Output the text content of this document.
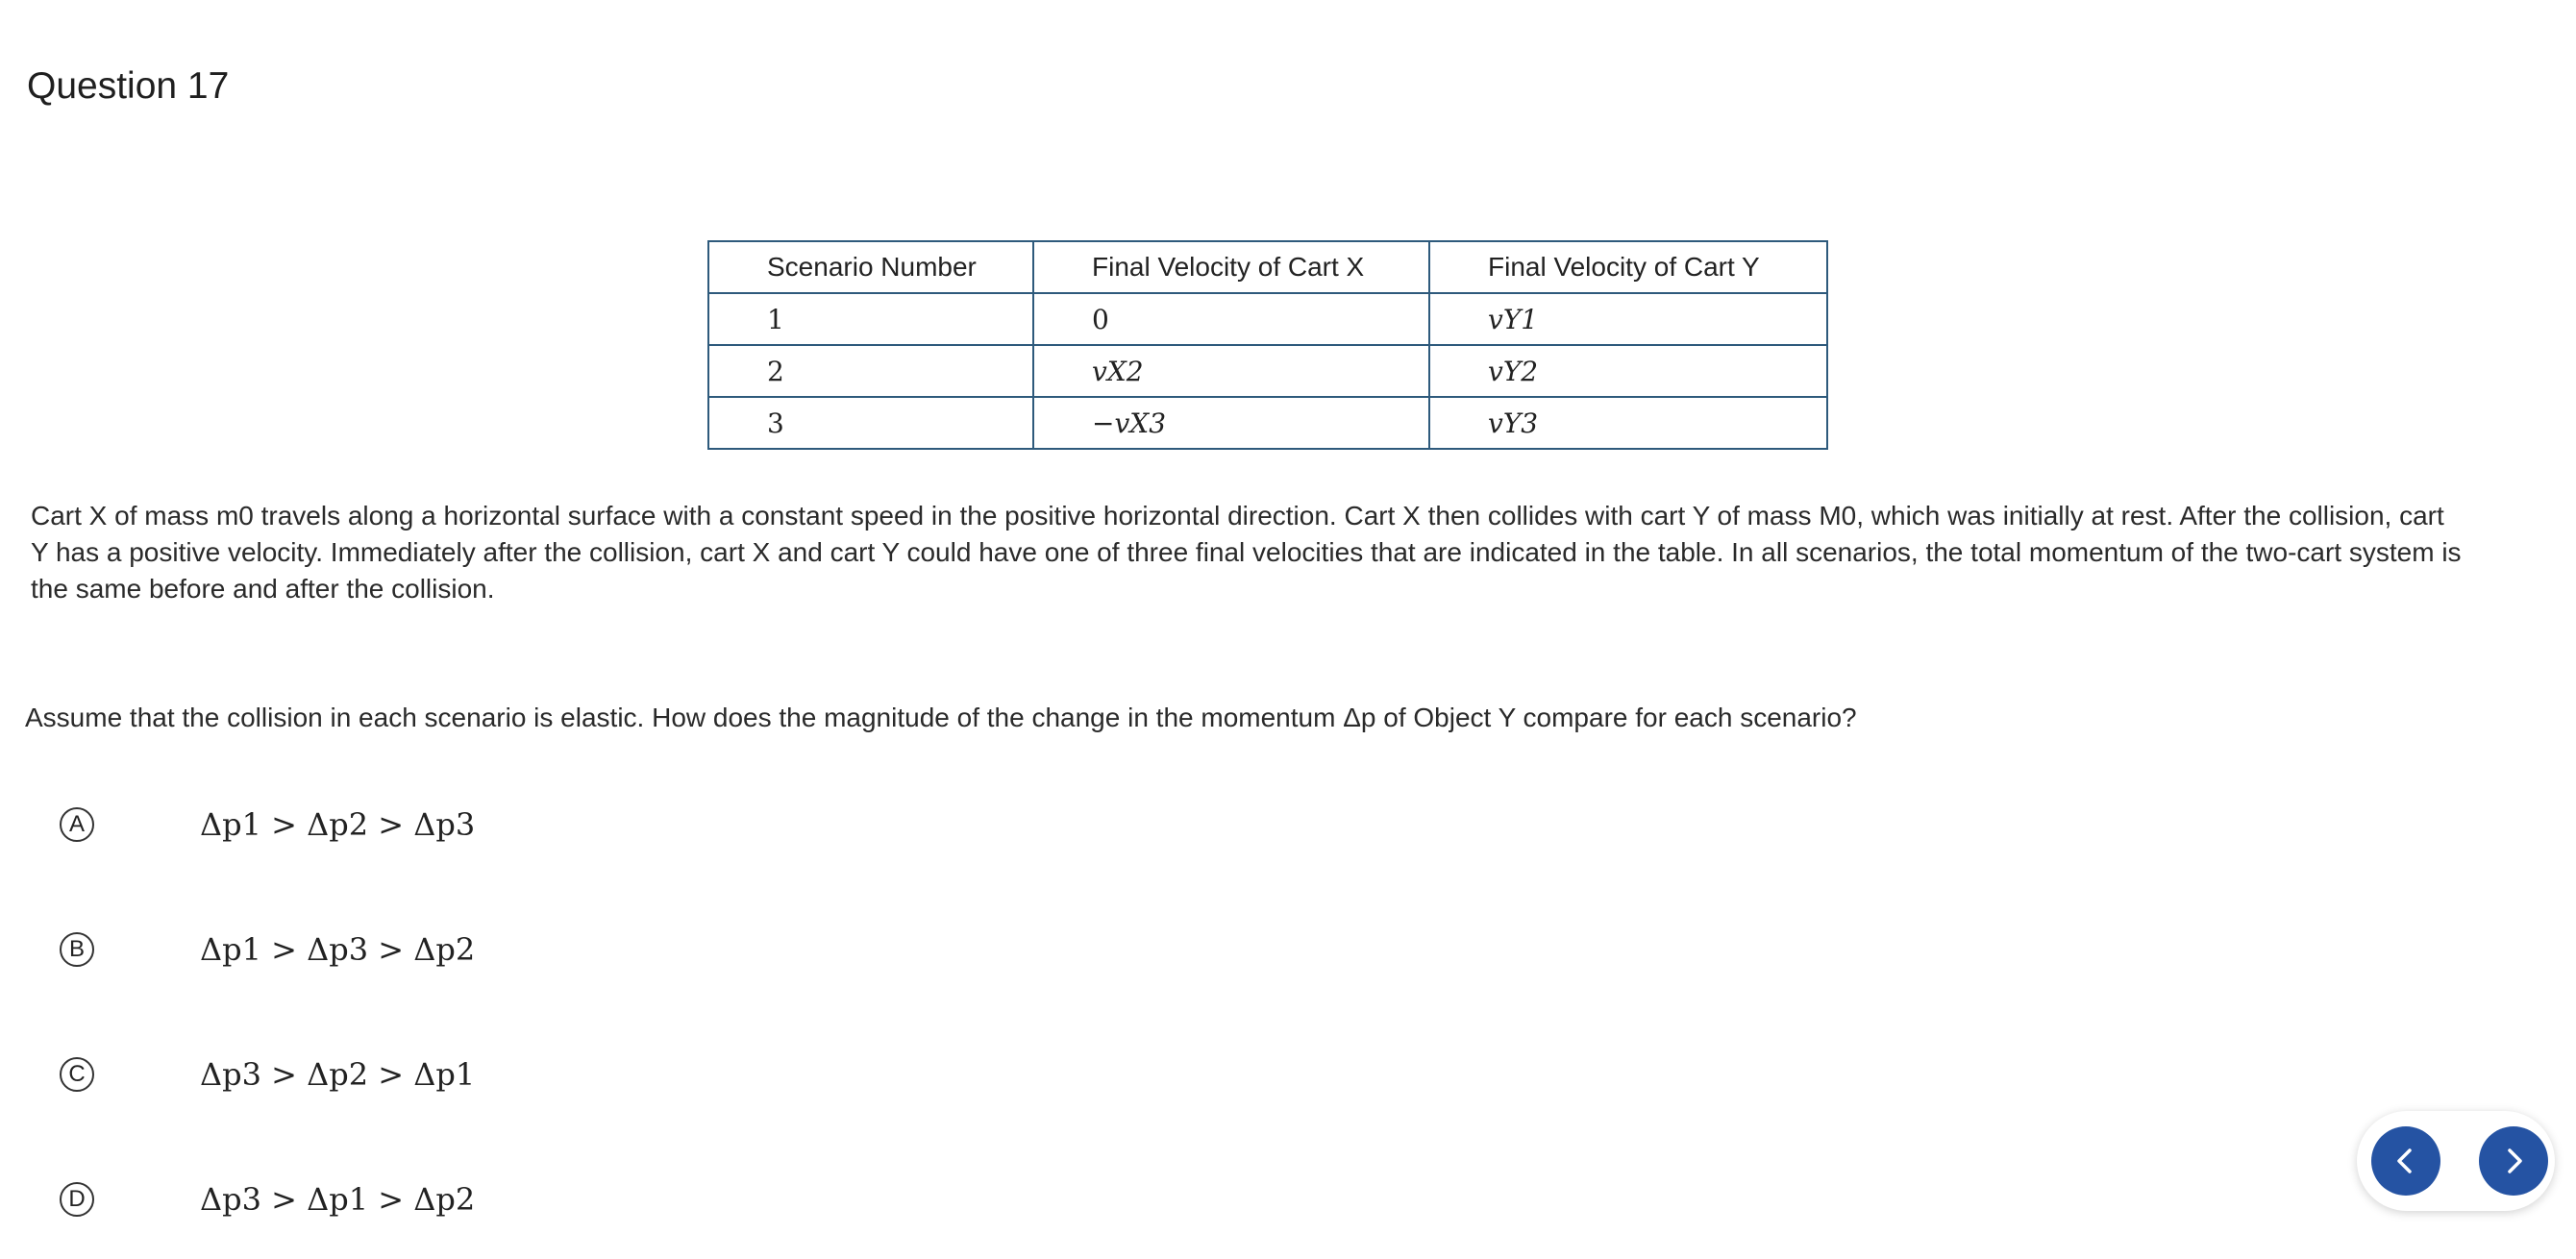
Question 17
Scenario Number	Final Velocity of Cart X	Final Velocity of Cart Y
1	0	vY1
2	vX2	vY2
3	−vX3	vY3
Cart X of mass m0 travels along a horizontal surface with a constant speed in the positive horizontal direction. Cart X then collides with cart Y of mass M0, which was initially at rest. After the collision, cart
Y has a positive velocity. Immediately after the collision, cart X and cart Y could have one of three final velocities that are indicated in the table. In all scenarios, the total momentum of the two-cart system is
the same before and after the collision.
Assume that the collision in each scenario is elastic. How does the magnitude of the change in the momentum Δp of Object Y compare for each scenario?
A	Δp1 > Δp2 > Δp3
B	Δp1 > Δp3 > Δp2
C	Δp3 > Δp2 > Δp1
D	Δp3 > Δp1 > Δp2
